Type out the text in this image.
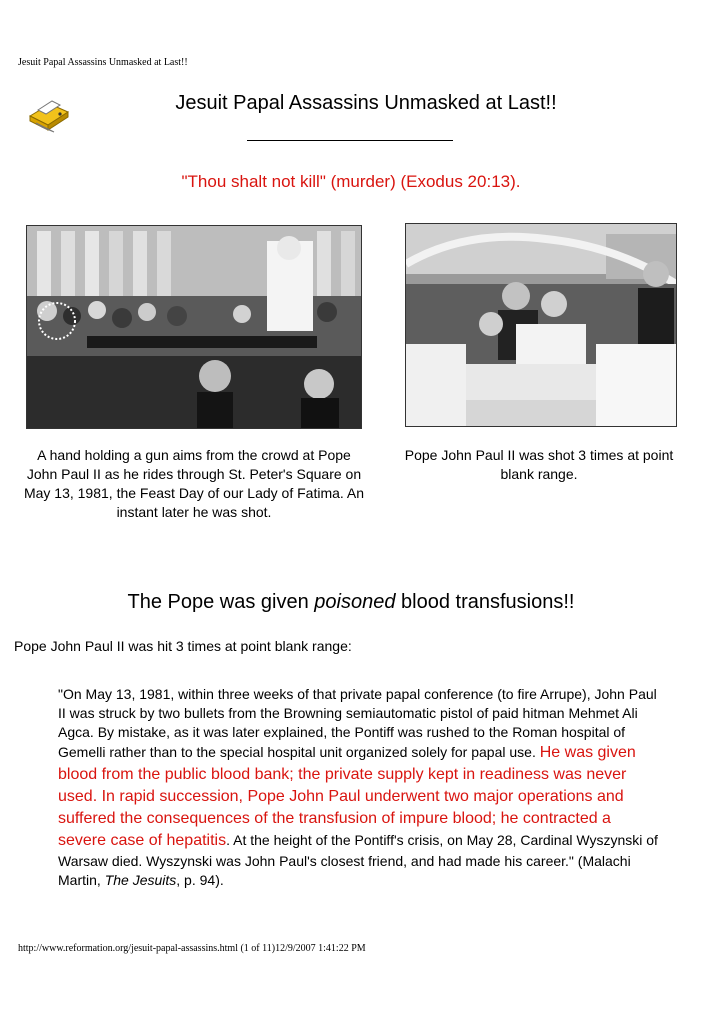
Jesuit Papal Assassins Unmasked at Last!!
Jesuit Papal Assassins Unmasked at Last!!
"Thou shalt not kill" (murder) (Exodus 20:13).
A hand holding a gun aims from the crowd at Pope John Paul II as he rides through St. Peter's Square on May 13, 1981, the Feast Day of our Lady of Fatima. An instant later he was shot.
Pope John Paul II was shot 3 times at point blank range.
The Pope was given poisoned blood transfusions!!
Pope John Paul II was hit 3 times at point blank range:
"On May 13, 1981, within three weeks of that private papal conference (to fire Arrupe), John Paul II was struck by two bullets from the Browning semiautomatic pistol of paid hitman Mehmet Ali Agca. By mistake, as it was later explained, the Pontiff was rushed to the Roman hospital of Gemelli rather than to the special hospital unit organized solely for papal use. He was given blood from the public blood bank; the private supply kept in readiness was never used. In rapid succession, Pope John Paul underwent two major operations and suffered the consequences of the transfusion of impure blood; he contracted a severe case of hepatitis. At the height of the Pontiff's crisis, on May 28, Cardinal Wyszynski of Warsaw died. Wyszynski was John Paul's closest friend, and had made his career." (Malachi Martin, The Jesuits, p. 94).
http://www.reformation.org/jesuit-papal-assassins.html (1 of 11)12/9/2007 1:41:22 PM
